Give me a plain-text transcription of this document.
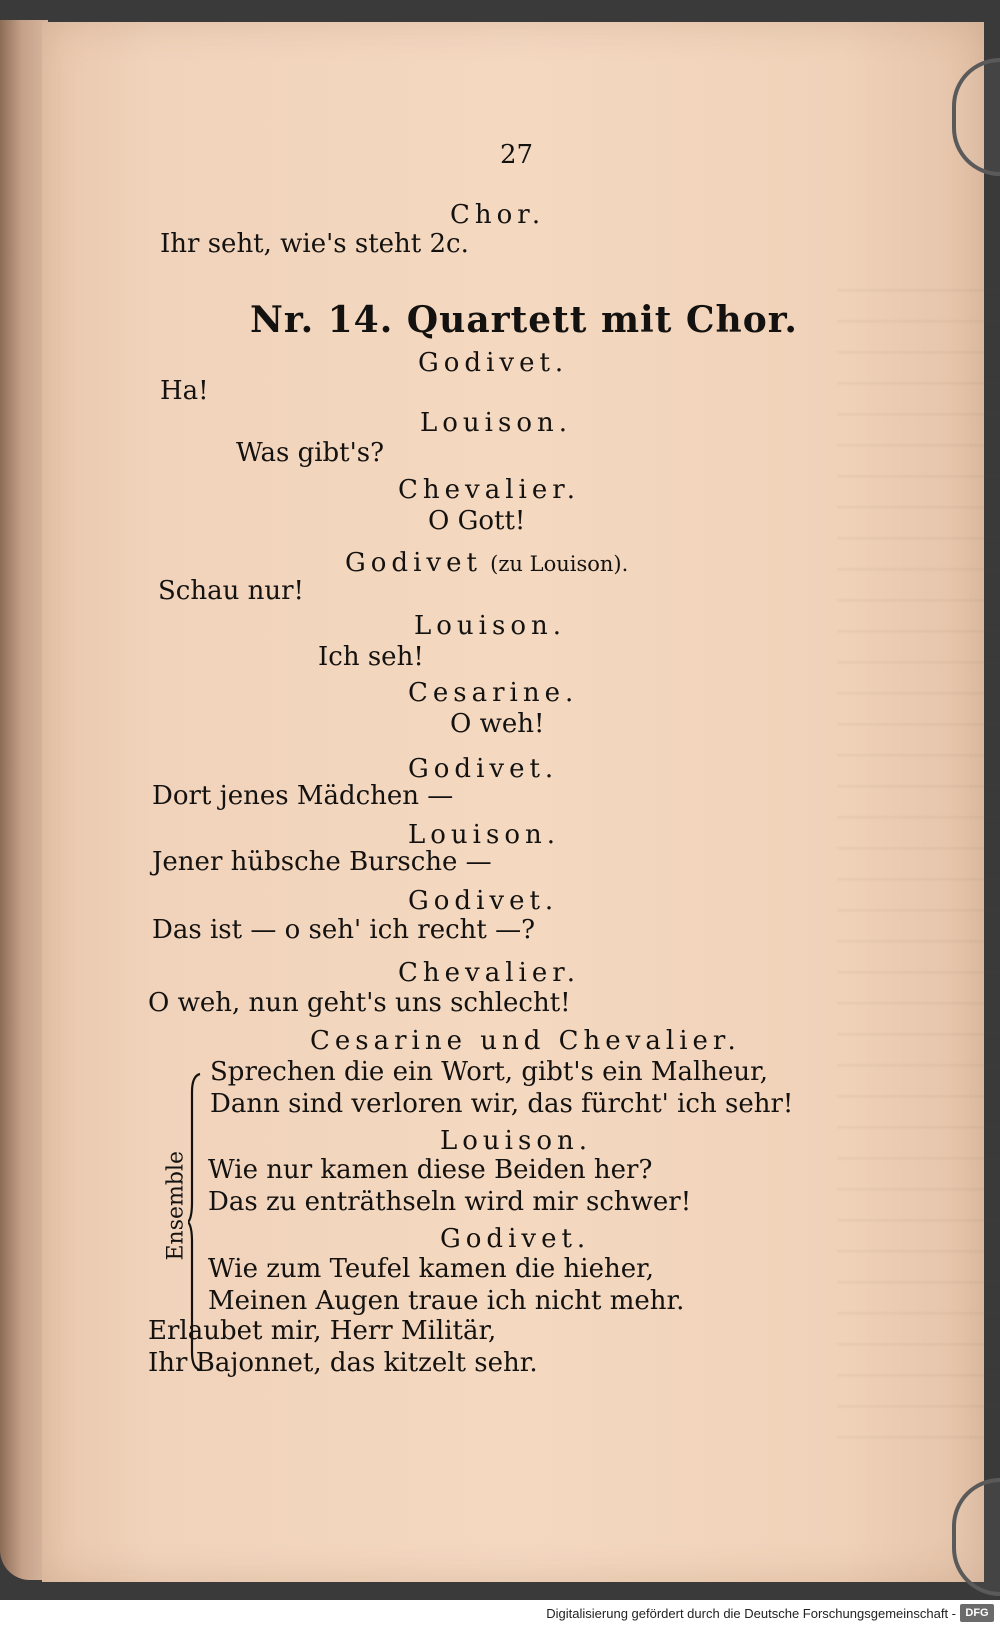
27
Chor.
Ihr seht, wie's steht 2c.
Nr. 14. Quartett mit Chor.
Godivet.
Ha!
Louison.
Was gibt's?
Chevalier.
O Gott!
Godivet (zu Louison).
Schau nur!
Louison.
Ich seh!
Cesarine.
O weh!
Godivet.
Dort jenes Mädchen —
Louison.
Jener hübsche Bursche —
Godivet.
Das ist — o seh' ich recht —?
Chevalier.
O weh, nun geht's uns schlecht!
Ensemble
Cesarine und Chevalier.
Sprechen die ein Wort, gibt's ein Malheur,
Dann sind verloren wir, das fürcht' ich sehr!
Louison.
Wie nur kamen diese Beiden her?
Das zu enträthseln wird mir schwer!
Godivet.
Wie zum Teufel kamen die hieher,
Meinen Augen traue ich nicht mehr.
Erlaubet mir, Herr Militär,
Ihr Bajonnet, das kitzelt sehr.
Digitalisierung gefördert durch die Deutsche Forschungsgemeinschaft - DFG
